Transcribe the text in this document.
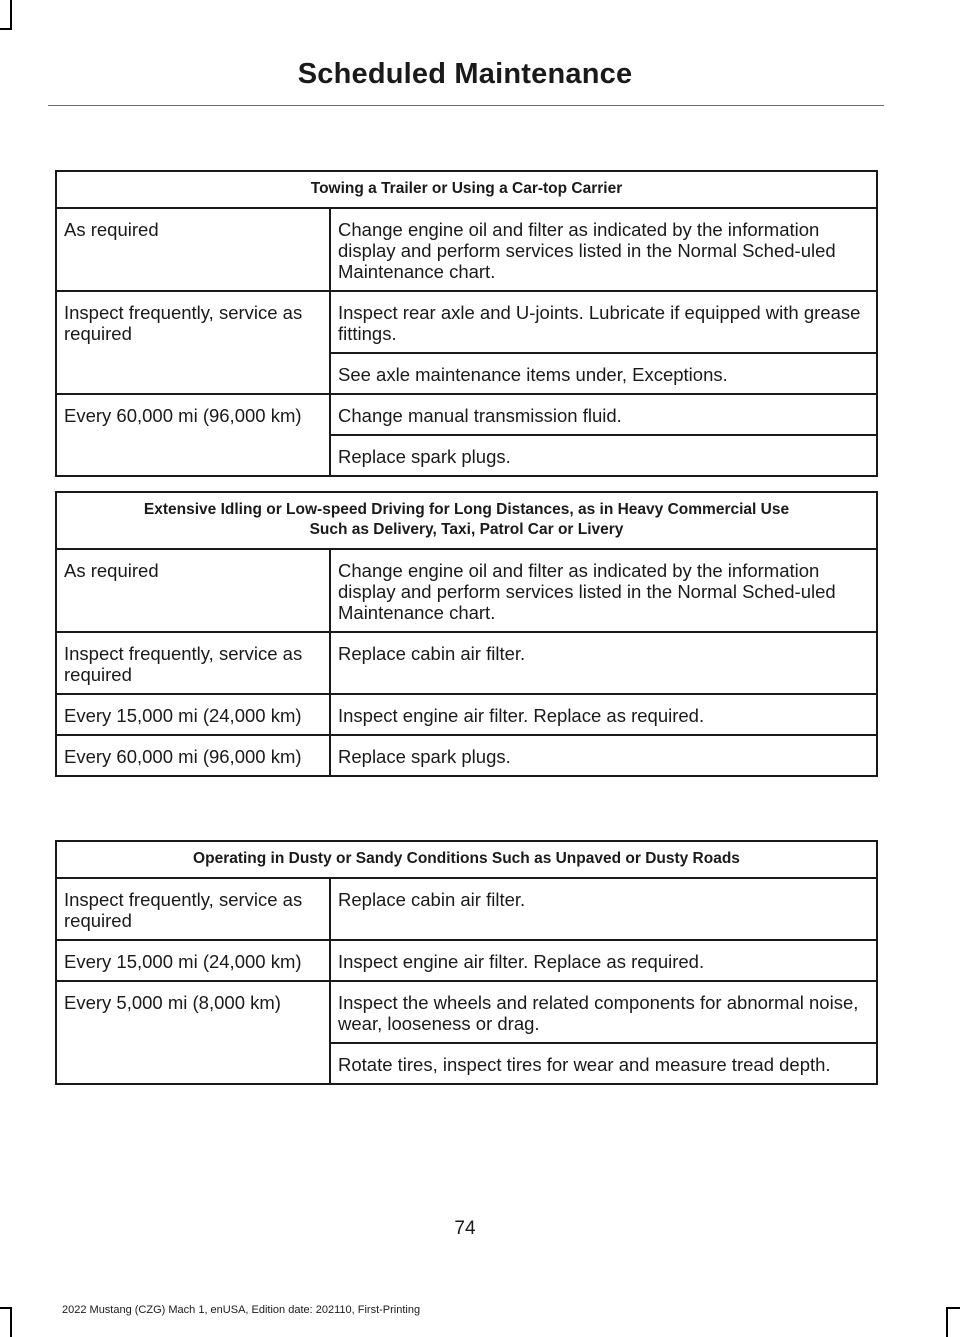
Scheduled Maintenance
Towing a Trailer or Using a Car-top Carrier	
As required	Change engine oil and filter as indicated by the information display and perform services listed in the Normal Sched-uled Maintenance chart.
Inspect frequently, service as required	Inspect rear axle and U-joints. Lubricate if equipped with grease fittings.
	See axle maintenance items under, Exceptions.
Every 60,000 mi (96,000 km)	Change manual transmission fluid.
	Replace spark plugs.
Extensive Idling or Low-speed Driving for Long Distances, as in Heavy Commercial Use
Such as Delivery, Taxi, Patrol Car or Livery	

As required	Change engine oil and filter as indicated by the information display and perform services listed in the Normal Sched-uled Maintenance chart.
Inspect frequently, service as required	Replace cabin air filter.
Every 15,000 mi (24,000 km)	Inspect engine air filter. Replace as required.
Every 60,000 mi (96,000 km)	Replace spark plugs.
Operating in Dusty or Sandy Conditions Such as Unpaved or Dusty Roads	
Inspect frequently, service as required	Replace cabin air filter.
Every 15,000 mi (24,000 km)	Inspect engine air filter. Replace as required.
Every 5,000 mi (8,000 km)	Inspect the wheels and related components for abnormal noise, wear, looseness or drag.
	Rotate tires, inspect tires for wear and measure tread depth.
74
2022 Mustang (CZG) Mach 1, enUSA, Edition date: 202110, First-Printing
